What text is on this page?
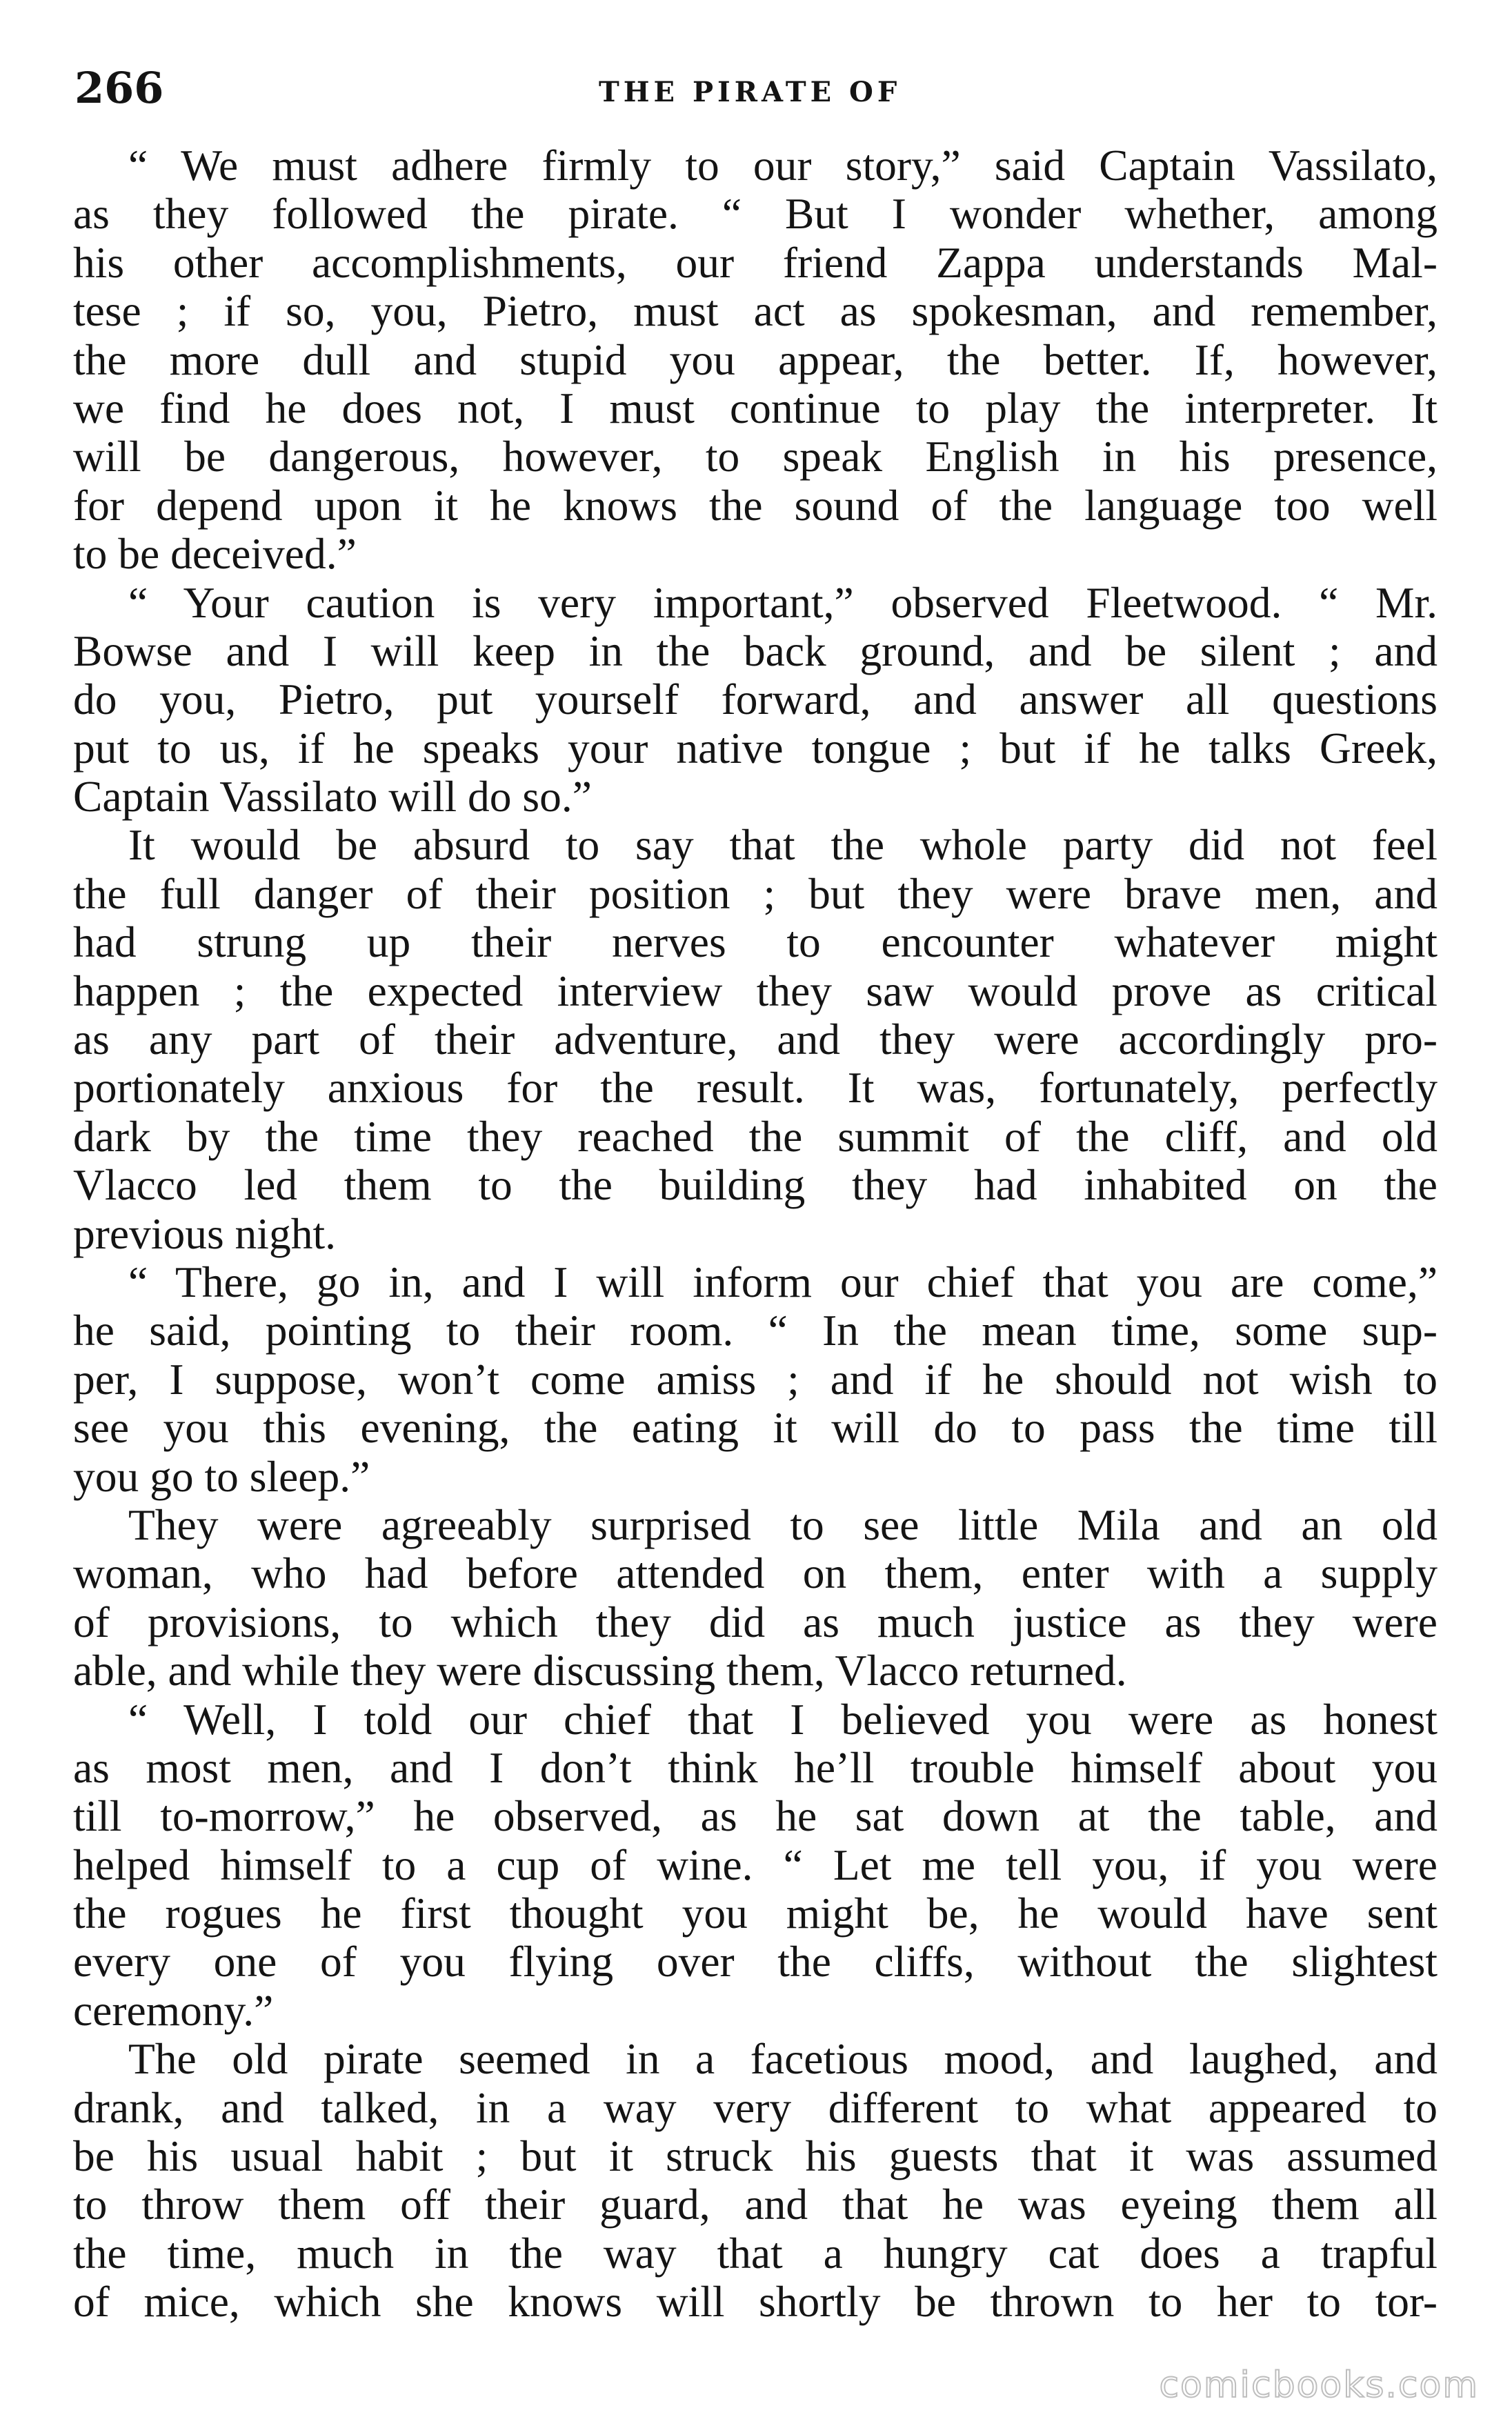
266	THE PIRATE OF
“ We must adhere firmly to our story,” said Captain Vassilato,
as they followed the pirate. “ But I wonder whether, among
his other accomplishments, our friend Zappa understands Mal-
tese ; if so, you, Pietro, must act as spokesman, and remember,
the more dull and stupid you appear, the better. If, however,
we find he does not, I must continue to play the interpreter. It
will be dangerous, however, to speak English in his presence,
for depend upon it he knows the sound of the language too well
to be deceived.”
“ Your caution is very important,” observed Fleetwood. “ Mr.
Bowse and I will keep in the back ground, and be silent ; and
do you, Pietro, put yourself forward, and answer all questions
put to us, if he speaks your native tongue ; but if he talks Greek,
Captain Vassilato will do so.”
It would be absurd to say that the whole party did not feel
the full danger of their position ; but they were brave men, and
had strung up their nerves to encounter whatever might
happen ; the expected interview they saw would prove as critical
as any part of their adventure, and they were accordingly pro-
portionately anxious for the result. It was, fortunately, perfectly
dark by the time they reached the summit of the cliff, and old
Vlacco led them to the building they had inhabited on the
previous night.
“ There, go in, and I will inform our chief that you are come,”
he said, pointing to their room. “ In the mean time, some sup-
per, I suppose, won’t come amiss ; and if he should not wish to
see you this evening, the eating it will do to pass the time till
you go to sleep.”
They were agreeably surprised to see little Mila and an old
woman, who had before attended on them, enter with a supply
of provisions, to which they did as much justice as they were
able, and while they were discussing them, Vlacco returned.
“ Well, I told our chief that I believed you were as honest
as most men, and I don’t think he’ll trouble himself about you
till to-morrow,” he observed, as he sat down at the table, and
helped himself to a cup of wine. “ Let me tell you, if you were
the rogues he first thought you might be, he would have sent
every one of you flying over the cliffs, without the slightest
ceremony.”
The old pirate seemed in a facetious mood, and laughed, and
drank, and talked, in a way very different to what appeared to
be his usual habit ; but it struck his guests that it was assumed
to throw them off their guard, and that he was eyeing them all
the time, much in the way that a hungry cat does a trapful
of mice, which she knows will shortly be thrown to her to tor-
comicbooks.com
